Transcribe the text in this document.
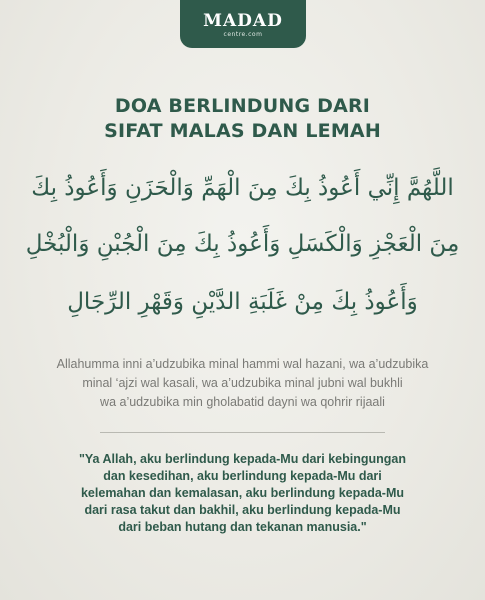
MADAD
centre.com
DOA BERLINDUNG DARI
SIFAT MALAS DAN LEMAH
اللَّهُمَّ إِنِّي أَعُوذُ بِكَ مِنَ الْهَمِّ وَالْحَزَنِ وَأَعُوذُ بِكَ
مِنَ الْعَجْزِ وَالْكَسَلِ وَأَعُوذُ بِكَ مِنَ الْجُبْنِ وَالْبُخْلِ
وَأَعُوذُ بِكَ مِنْ غَلَبَةِ الدَّيْنِ وَقَهْرِ الرِّجَالِ
Allahumma inni a’udzubika minal hammi wal hazani, wa a’udzubika
minal ‘ajzi wal kasali, wa a’udzubika minal jubni wal bukhli
wa a’udzubika min gholabatid dayni wa qohrir rijaali
"Ya Allah, aku berlindung kepada-Mu dari kebingungan
dan kesedihan, aku berlindung kepada-Mu dari
kelemahan dan kemalasan, aku berlindung kepada-Mu
dari rasa takut dan bakhil, aku berlindung kepada-Mu
dari beban hutang dan tekanan manusia."
